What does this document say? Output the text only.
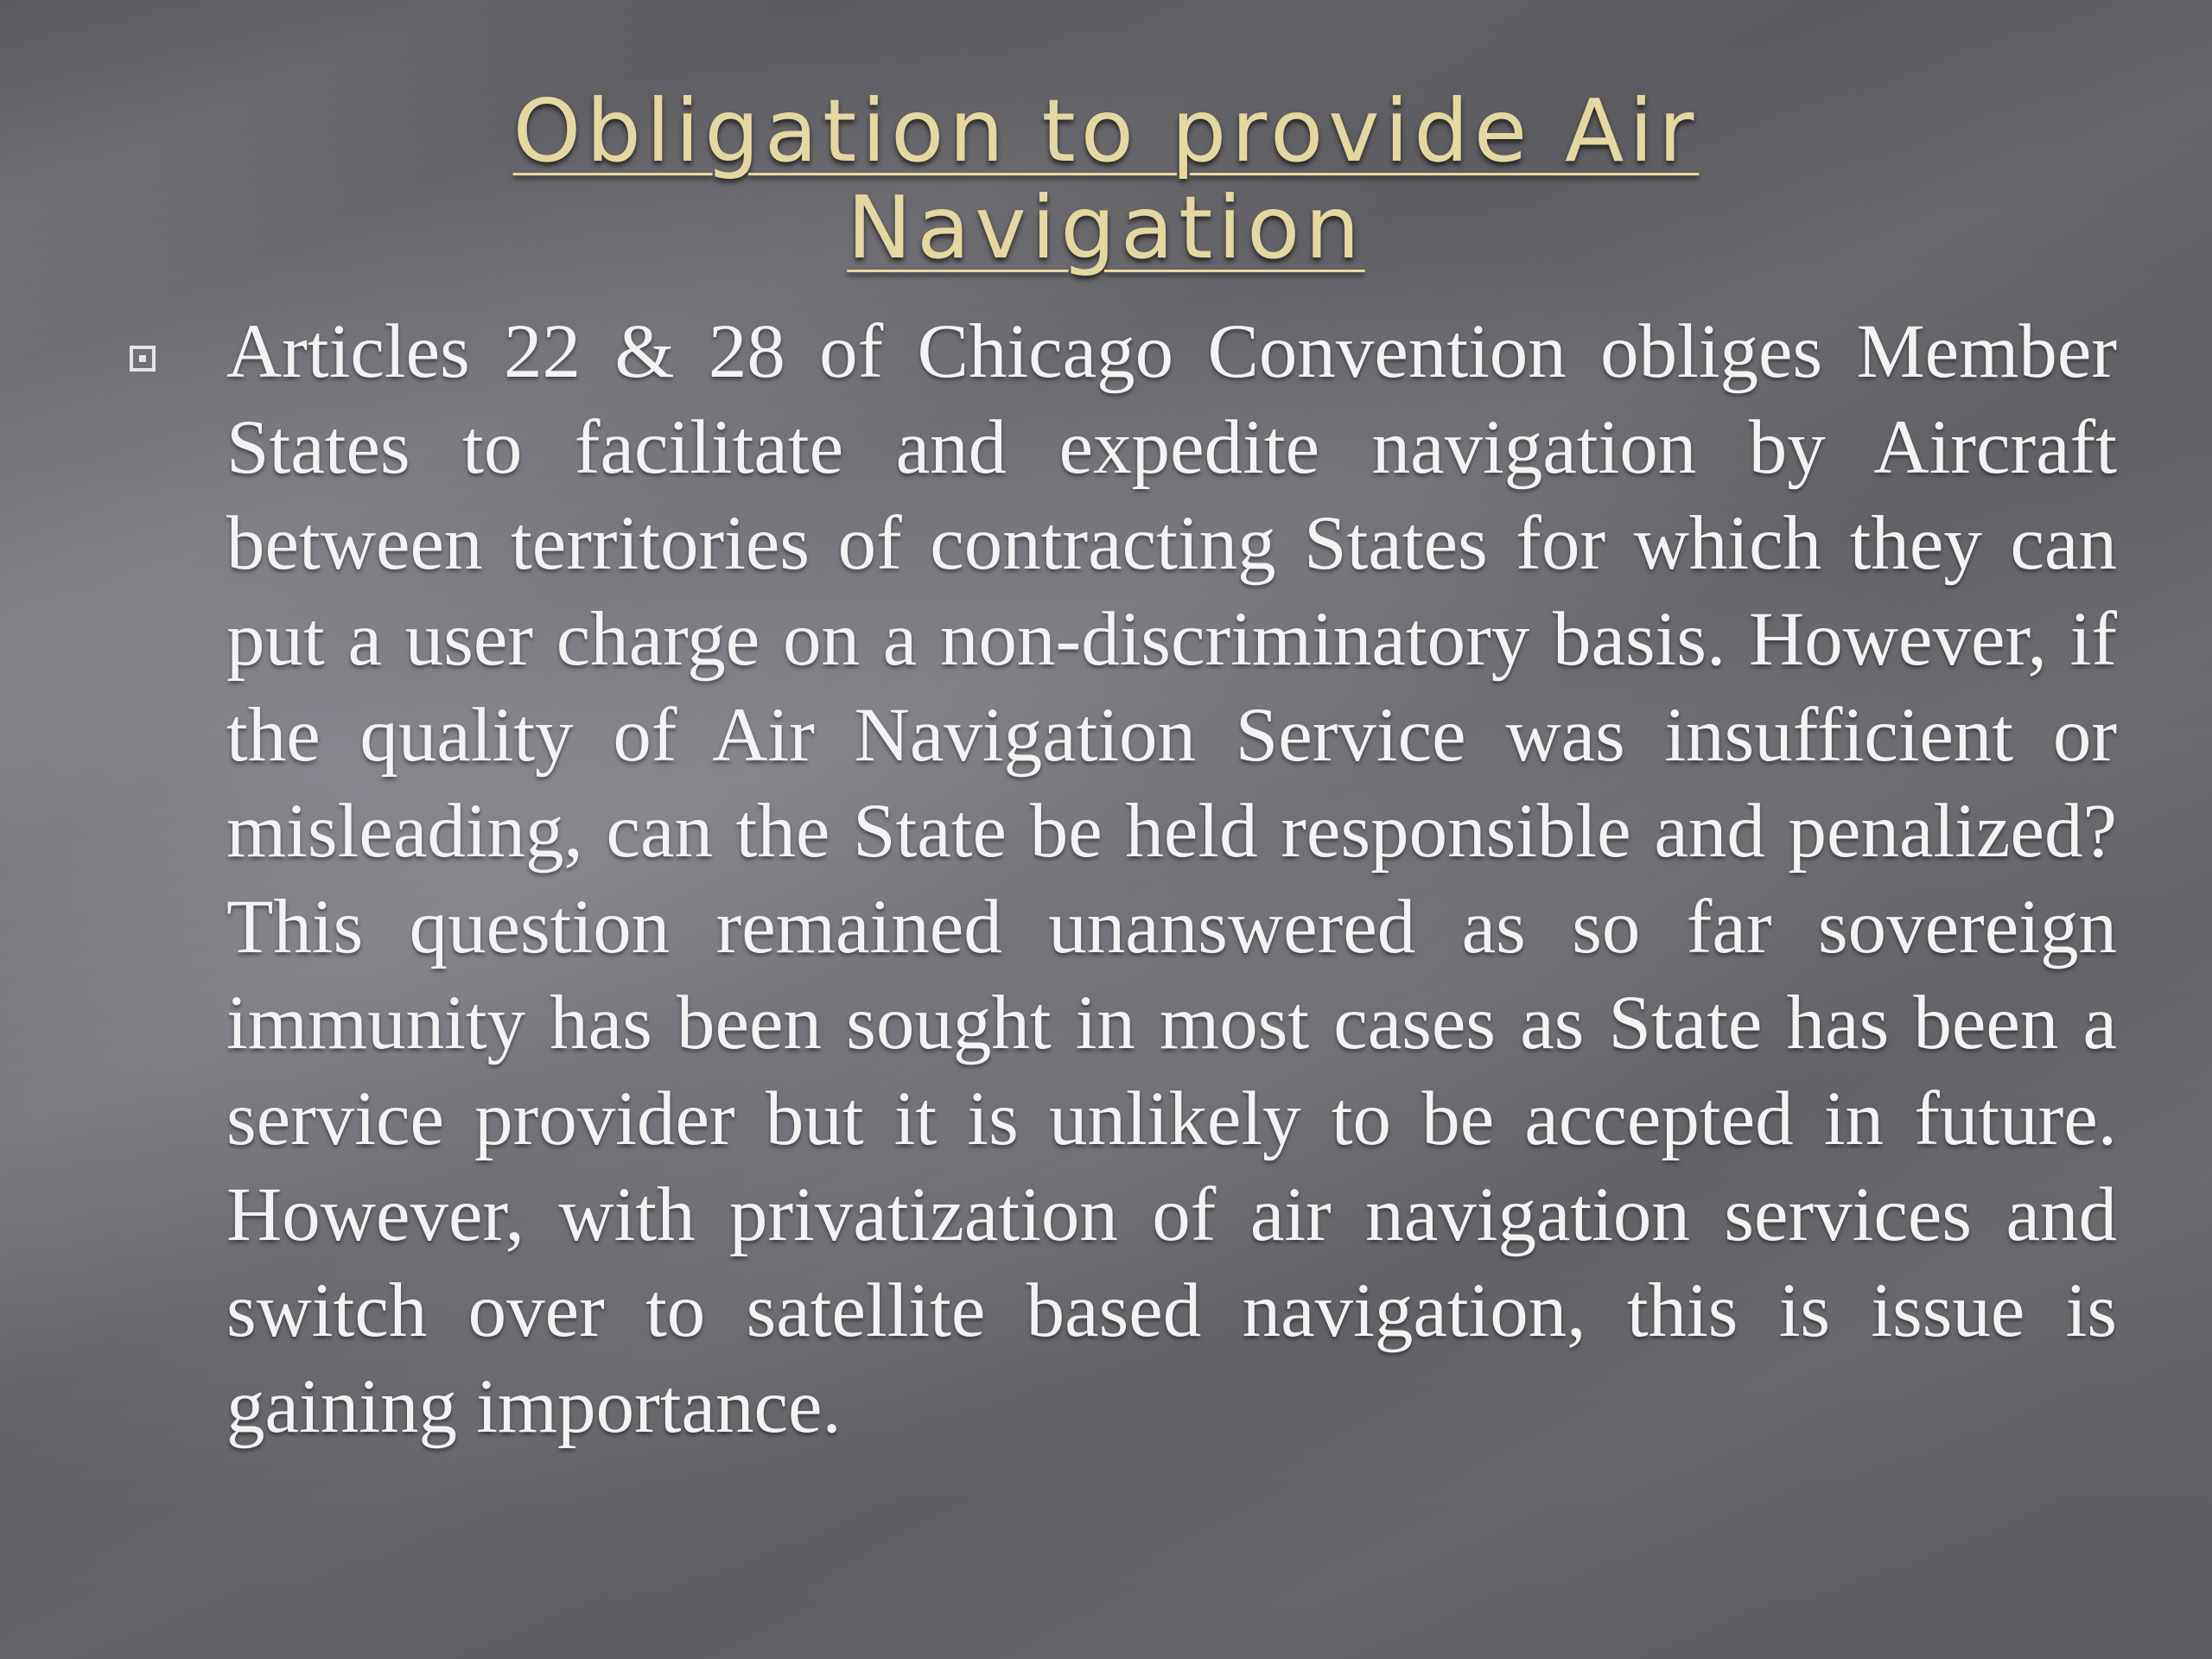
Obligation to provide Air Navigation

Articles 22 & 28 of Chicago Convention obliges Member States to facilitate and expedite navigation by Aircraft between territories of contracting States for which they can put a user charge on a non-discriminatory basis. However, if the quality of Air Navigation Service was insufficient or misleading, can the State be held responsible and penalized? This question remained unanswered as so far sovereign immunity has been sought in most cases as State has been a service provider but it is unlikely to be accepted in future. However, with privatization of air navigation services and switch over to satellite based navigation, this is issue is gaining importance.
